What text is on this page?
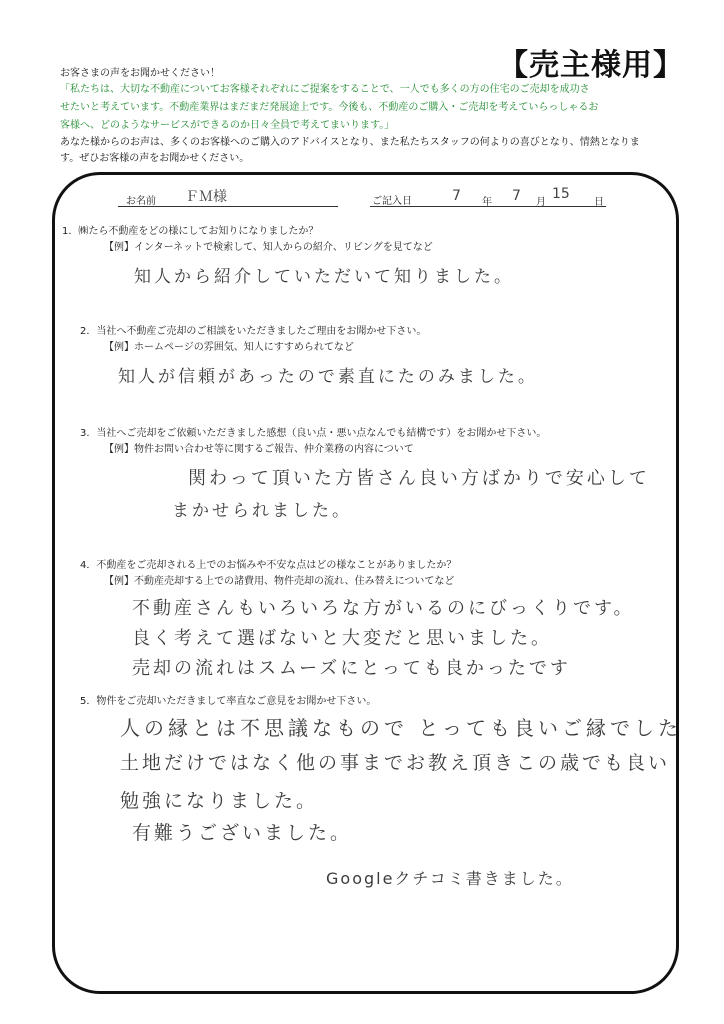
【売主様用】
お客さまの声をお聞かせください！
「私たちは、大切な不動産についてお客様それぞれにご提案をすることで、一人でも多くの方の住宅のご売却を成功さ
せたいと考えています。不動産業界はまだまだ発展途上です。今後も、不動産のご購入・ご売却を考えていらっしゃるお
客様へ、どのようなサービスができるのか日々全員で考えてまいります。」
あなた様からのお声は、多くのお客様へのご購入のアドバイスとなり、また私たちスタッフの何よりの喜びとなり、情熱となりま
す。ぜひお客様の声をお聞かせください。
お名前 ＦＭ様	ご記入日	7 年 7 月
15
日
1．㈱たら不動産をどの様にしてお知りになりましたか？
【例】インターネットで検索して、知人からの紹介、リビングを見てなど
知人から紹介していただいて知りました。
2．当社へ不動産ご売却のご相談をいただきましたご理由をお聞かせ下さい。
【例】ホームページの雰囲気、知人にすすめられてなど
知人が信頼があったので素直にたのみました。
3．当社へご売却をご依頼いただきました感想（良い点・悪い点なんでも結構です）をお聞かせ下さい。
【例】物件お問い合わせ等に関するご報告、仲介業務の内容について
関わって頂いた方皆さん良い方ばかりで安心して
まかせられました。
4．不動産をご売却される上でのお悩みや不安な点はどの様なことがありましたか？
【例】不動産売却する上での諸費用、物件売却の流れ、住み替えについてなど
不動産さんもいろいろな方がいるのにびっくりです。
良く考えて選ばないと大変だと思いました。
売却の流れはスムーズにとっても良かったです
5．物件をご売却いただきまして率直なご意見をお聞かせ下さい。
人の縁とは不思議なもので とっても良いご縁でした
土地だけではなく他の事までお教え頂きこの歳でも良い
勉強になりました。
有難うございました。
Googleクチコミ書きました。
